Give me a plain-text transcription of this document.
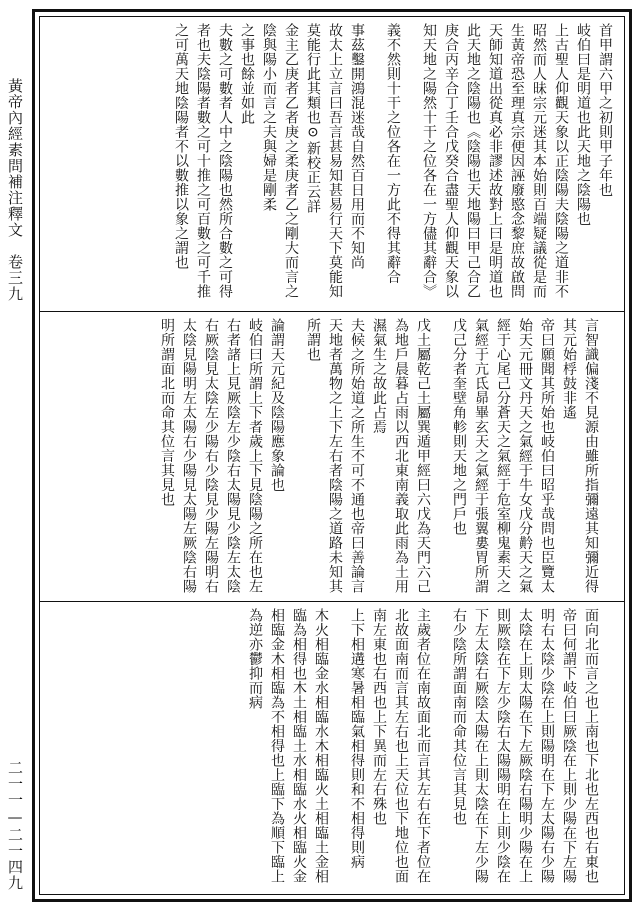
黃帝內經素問補注釋文　卷三九
二一一—二一四九

首甲謂六甲之初則甲子年也

岐伯曰是明道也此天地之陰陽也

上古聖人仰觀天象以正陰陽夫陰陽之道非不昭然而人昧宗元迷其本始則百端疑議從是而生黃帝恐至理真宗便因誣廢愍念黎庶故啟問天師知道出從真必非謬述故對上曰是明道也此天地之陰陽也《陰陽也天地陽曰甲己合乙庚合丙辛合丁壬合戊癸合盡聖人仰觀天象以知天地之陽然十干之位各在一方儘其辭合》

義不然則十干之位各在一方此不得其辭合

事茲鑿開鴻混迷哉自然百日用而不知尚

故太上立言曰吾言甚易知甚易行天下莫能知莫能行此其類也⊙新校正云詳

金主乙庚者乙者庚之柔庚者乙之剛大而言之陰與陽小而言之夫與婦是剛柔

之事也餘並如此

夫數之可數者人中之陰陽也然所合數之可得者也夫陰陽者數之可十推之可百數之可千推之可萬天地陰陽者不以數推以象之謂也

言智識偏淺不見源由雖所指彌遠其知彌近得其元始桴鼓非遙

帝曰願聞其所始也岐伯曰昭乎哉問也臣覽太始天元冊文丹天之氣經于牛女戊分黅天之氣經于心尾己分蒼天之氣經于危室柳鬼素天之氣經于亢氐昴畢玄天之氣經于張翼婁胃所謂戊己分者奎壁角軫則天地之門戶也

戊土屬乾己土屬巽遁甲經曰六戊為天門六己為地戶晨暮占雨以西北東南義取此雨為土用濕氣生之故此占焉

夫候之所始道之所生不可不通也帝曰善論言天地者萬物之上下左右者陰陽之道路未知其所謂也

論謂天元紀及陰陽應象論也

岐伯曰所謂上下者歲上下見陰陽之所在也左右者諸上見厥陰左少陰右太陽見少陰左太陰右厥陰見太陰左少陽右少陰見少陽左陽明右太陰見陽明左太陽右少陽見太陽左厥陰右陽明所謂面北而命其位言其見也

面向北而言之也上南也下北也左西也右東也

帝曰何謂下岐伯曰厥陰在上則少陽在下左陽明右太陰少陰在上則陽明在下左太陽右少陽太陰在上則太陽在下左厥陰右陽明少陽在上則厥陰在下左少陰右太陽陽明在上則少陰在下左太陰右厥陰太陽在上則太陰在下左少陽右少陰所謂面南而命其位言其見也

主歲者位在南故面北而言其左右在下者位在北故面南而言其左右也上天位也下地位也面南左東也右西也上下異而左右殊也

上下相遘寒暑相臨氣相得則和不相得則病

木火相臨金水相臨水木相臨火土相臨土金相臨為相得也木土相臨土水相臨水火相臨火金相臨金木相臨為不相得也上臨下為順下臨上為逆亦鬱抑而病
